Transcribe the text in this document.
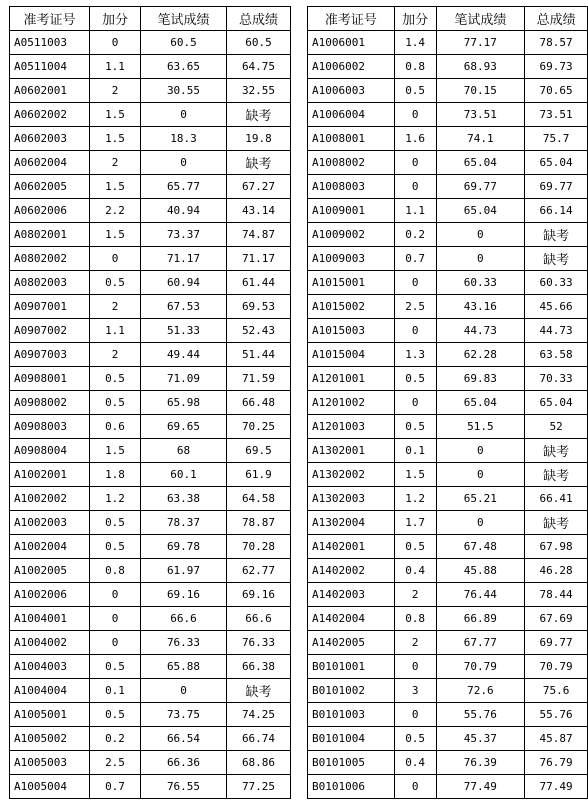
准考证号	加分	笔试成绩	总成绩
A0511003	0	60.5	60.5
A0511004	1.1	63.65	64.75
A0602001	2	30.55	32.55
A0602002	1.5	0	缺考
A0602003	1.5	18.3	19.8
A0602004	2	0	缺考
A0602005	1.5	65.77	67.27
A0602006	2.2	40.94	43.14
A0802001	1.5	73.37	74.87
A0802002	0	71.17	71.17
A0802003	0.5	60.94	61.44
A0907001	2	67.53	69.53
A0907002	1.1	51.33	52.43
A0907003	2	49.44	51.44
A0908001	0.5	71.09	71.59
A0908002	0.5	65.98	66.48
A0908003	0.6	69.65	70.25
A0908004	1.5	68	69.5
A1002001	1.8	60.1	61.9
A1002002	1.2	63.38	64.58
A1002003	0.5	78.37	78.87
A1002004	0.5	69.78	70.28
A1002005	0.8	61.97	62.77
A1002006	0	69.16	69.16
A1004001	0	66.6	66.6
A1004002	0	76.33	76.33
A1004003	0.5	65.88	66.38
A1004004	0.1	0	缺考
A1005001	0.5	73.75	74.25
A1005002	0.2	66.54	66.74
A1005003	2.5	66.36	68.86
A1005004	0.7	76.55	77.25
准考证号	加分	笔试成绩	总成绩
A1006001	1.4	77.17	78.57
A1006002	0.8	68.93	69.73
A1006003	0.5	70.15	70.65
A1006004	0	73.51	73.51
A1008001	1.6	74.1	75.7
A1008002	0	65.04	65.04
A1008003	0	69.77	69.77
A1009001	1.1	65.04	66.14
A1009002	0.2	0	缺考
A1009003	0.7	0	缺考
A1015001	0	60.33	60.33
A1015002	2.5	43.16	45.66
A1015003	0	44.73	44.73
A1015004	1.3	62.28	63.58
A1201001	0.5	69.83	70.33
A1201002	0	65.04	65.04
A1201003	0.5	51.5	52
A1302001	0.1	0	缺考
A1302002	1.5	0	缺考
A1302003	1.2	65.21	66.41
A1302004	1.7	0	缺考
A1402001	0.5	67.48	67.98
A1402002	0.4	45.88	46.28
A1402003	2	76.44	78.44
A1402004	0.8	66.89	67.69
A1402005	2	67.77	69.77
B0101001	0	70.79	70.79
B0101002	3	72.6	75.6
B0101003	0	55.76	55.76
B0101004	0.5	45.37	45.87
B0101005	0.4	76.39	76.79
B0101006	0	77.49	77.49
